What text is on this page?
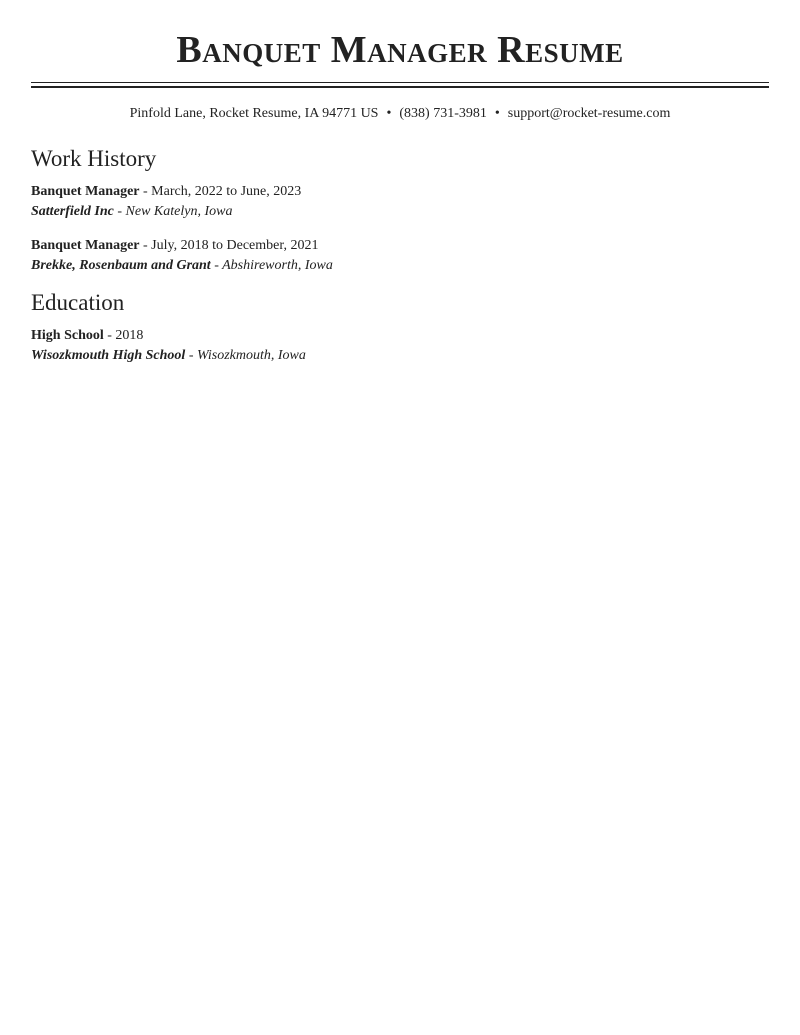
Banquet Manager Resume
Pinfold Lane, Rocket Resume, IA 94771 US • (838) 731-3981 • support@rocket-resume.com
Work History
Banquet Manager - March, 2022 to June, 2023
Satterfield Inc - New Katelyn, Iowa
Banquet Manager - July, 2018 to December, 2021
Brekke, Rosenbaum and Grant - Abshireworth, Iowa
Education
High School - 2018
Wisozkmouth High School - Wisozkmouth, Iowa
